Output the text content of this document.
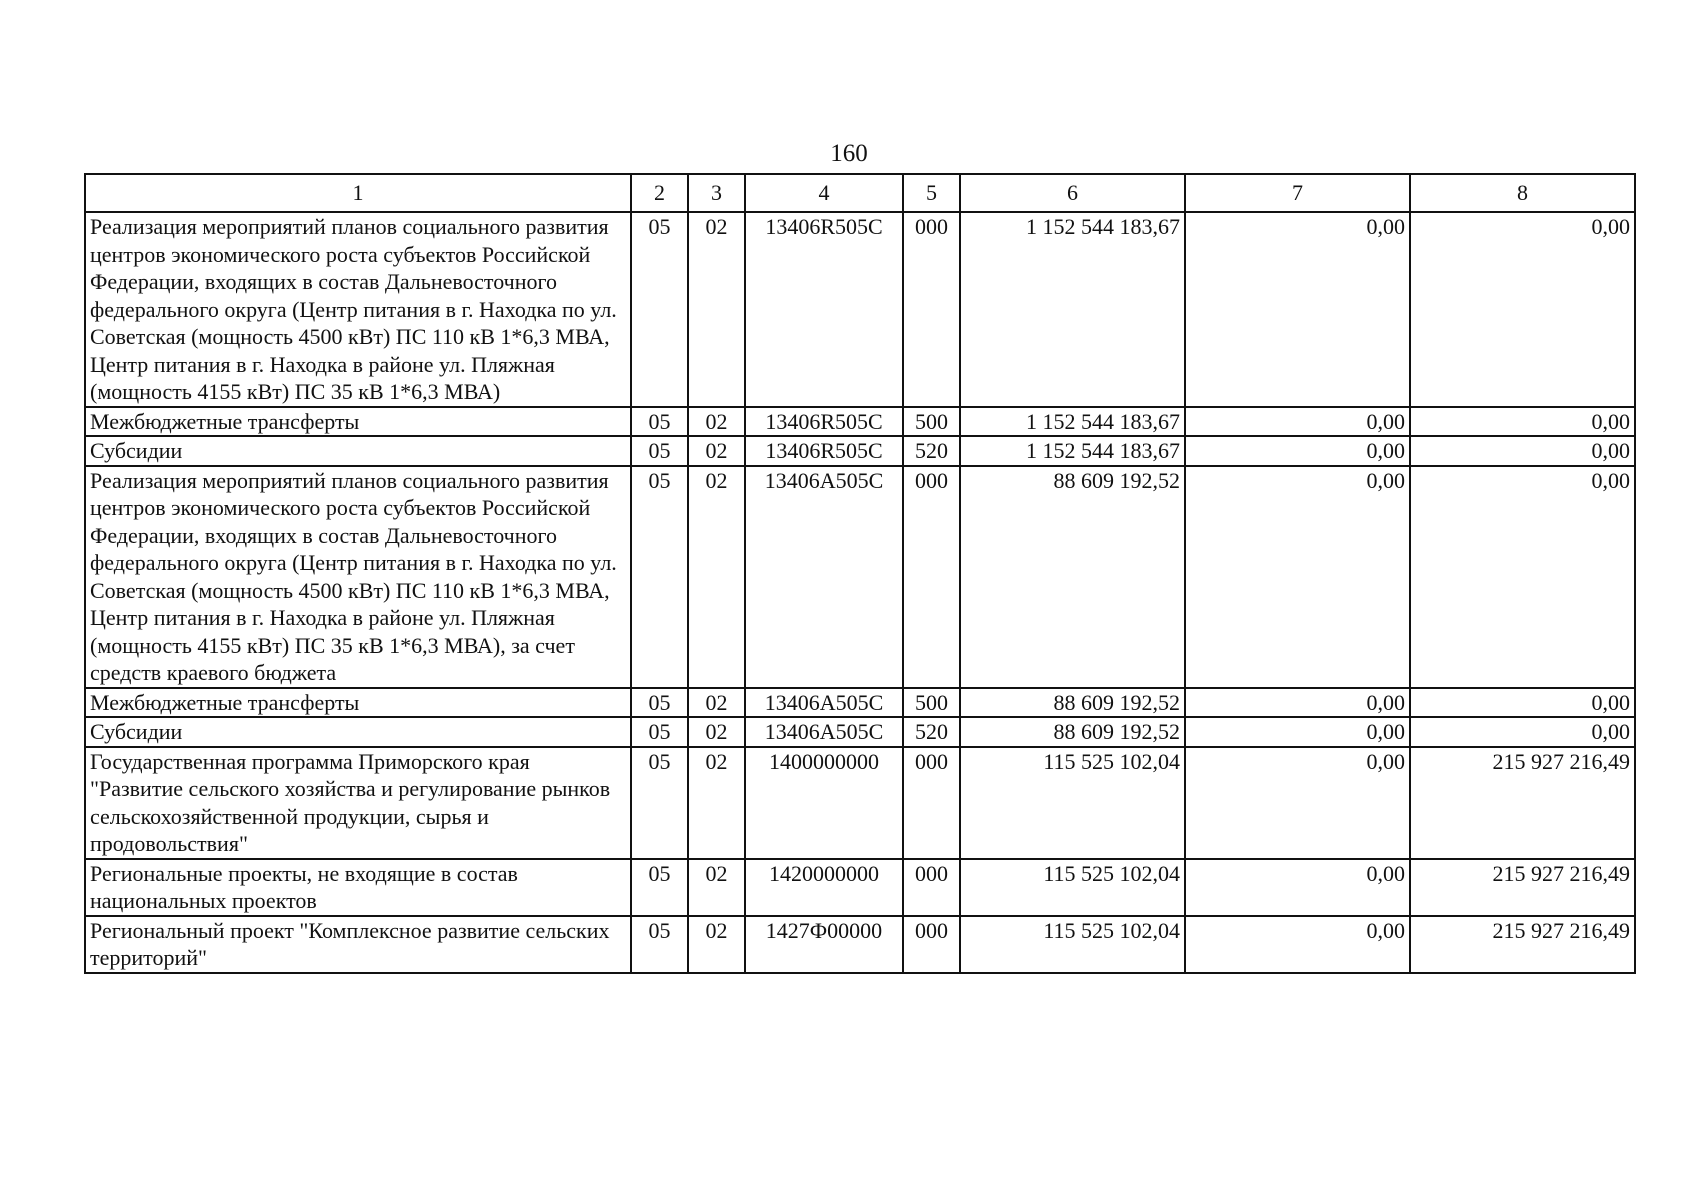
160
1	2	3	4	5	6	7	8
Реализация мероприятий планов социального развития центров экономического роста субъектов Российской Федерации, входящих в состав Дальневосточного федерального округа (Центр питания в г. Находка по ул. Советская (мощность 4500 кВт) ПС 110 кВ 1*6,3 МВА, Центр питания в г. Находка в районе ул. Пляжная (мощность 4155 кВт) ПС 35 кВ 1*6,3 МВА)	05	02	13406R505C	000	1 152 544 183,67	0,00	0,00
Межбюджетные трансферты	05	02	13406R505C	500	1 152 544 183,67	0,00	0,00
Субсидии	05	02	13406R505C	520	1 152 544 183,67	0,00	0,00
Реализация мероприятий планов социального развития центров экономического роста субъектов Российской Федерации, входящих в состав Дальневосточного федерального округа (Центр питания в г. Находка по ул. Советская (мощность 4500 кВт) ПС 110 кВ 1*6,3 МВА, Центр питания в г. Находка в районе ул. Пляжная (мощность 4155 кВт) ПС 35 кВ 1*6,3 МВА), за счет средств краевого бюджета	05	02	13406A505C	000	88 609 192,52	0,00	0,00
Межбюджетные трансферты	05	02	13406A505C	500	88 609 192,52	0,00	0,00
Субсидии	05	02	13406A505C	520	88 609 192,52	0,00	0,00
Государственная программа Приморского края "Развитие сельского хозяйства и регулирование рынков сельскохозяйственной продукции, сырья и продовольствия"	05	02	1400000000	000	115 525 102,04	0,00	215 927 216,49
Региональные проекты, не входящие в состав национальных проектов	05	02	1420000000	000	115 525 102,04	0,00	215 927 216,49
Региональный проект "Комплексное развитие сельских территорий"	05	02	1427Ф00000	000	115 525 102,04	0,00	215 927 216,49
